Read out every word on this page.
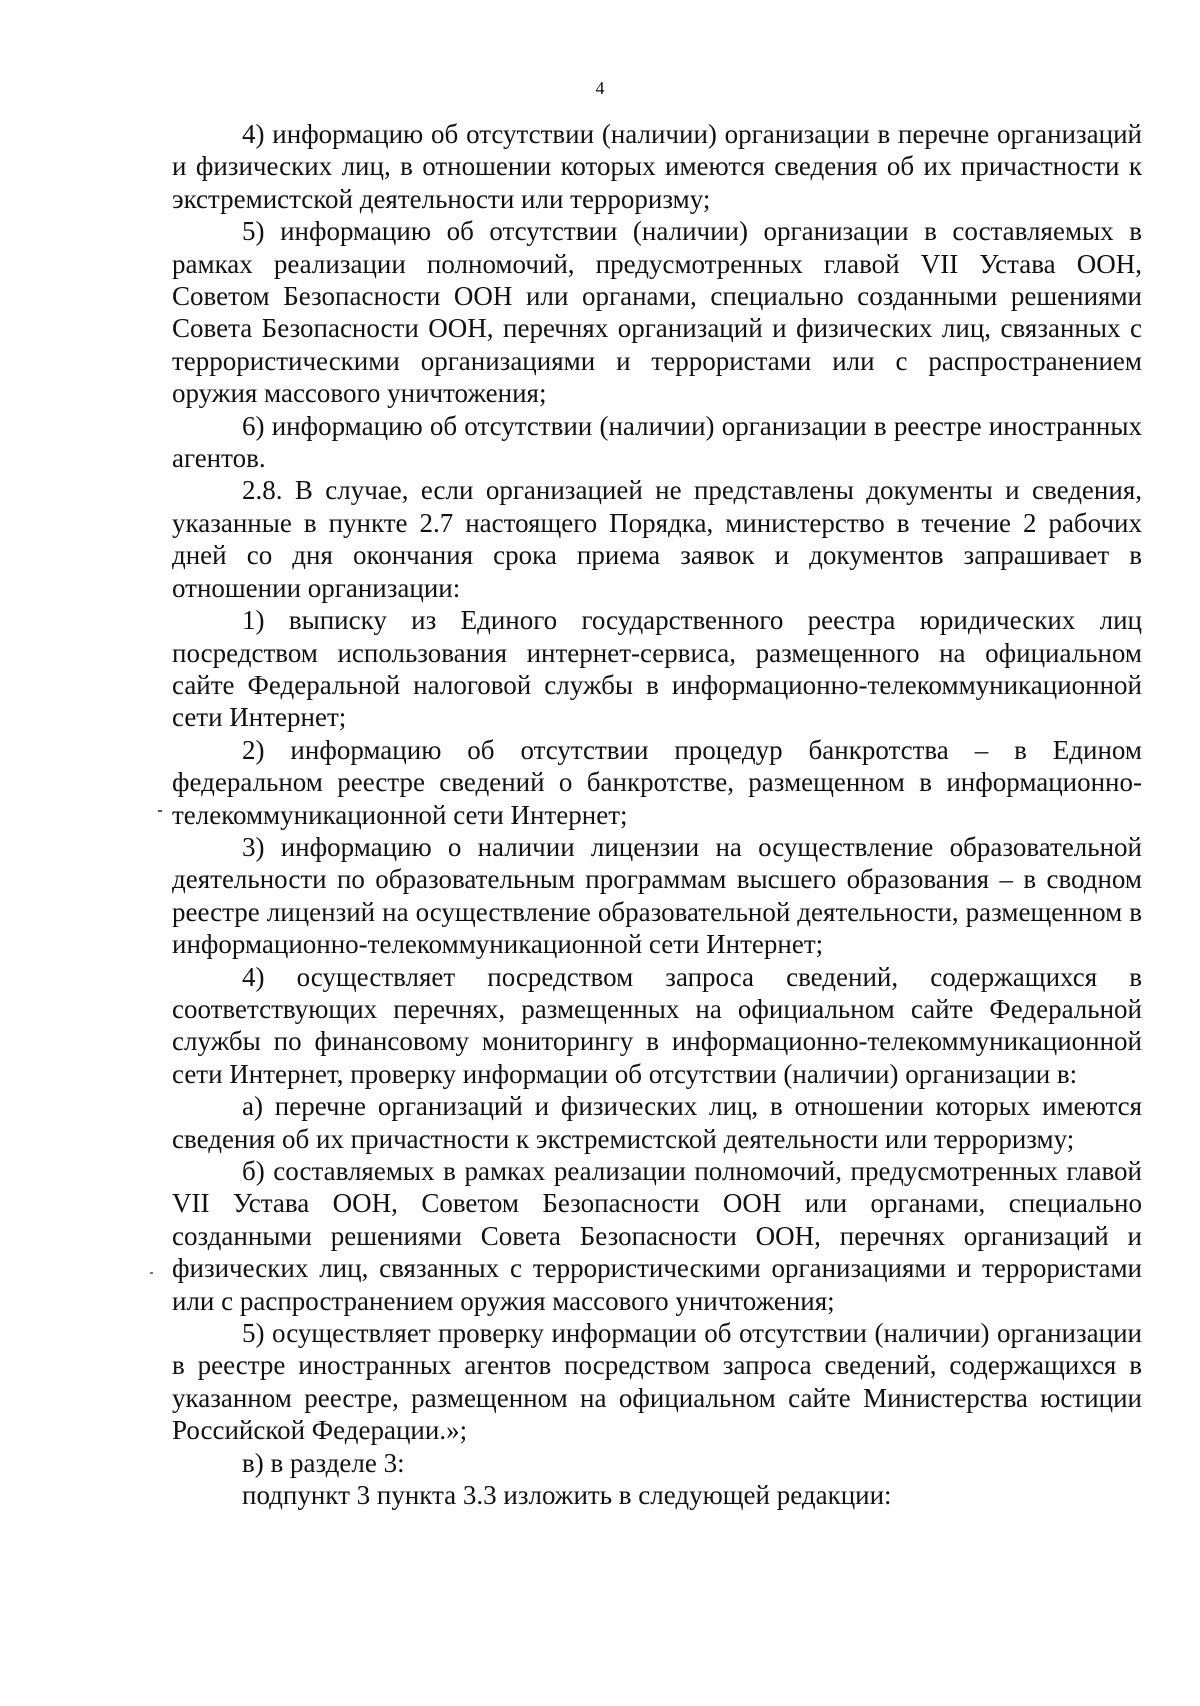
4

4) информацию об отсутствии (наличии) организации в перечне организаций и физических лиц, в отношении которых имеются сведения об их причастности к экстремистской деятельности или терроризму;

5) информацию об отсутствии (наличии) организации в составляемых в рамках реализации полномочий, предусмотренных главой VII Устава ООН, Советом Безопасности ООН или органами, специально созданными решениями Совета Безопасности ООН, перечнях организаций и физических лиц, связанных с террористическими организациями и террористами или с распространением оружия массового уничтожения;

6) информацию об отсутствии (наличии) организации в реестре иностранных агентов.

2.8. В случае, если организацией не представлены документы и сведения, указанные в пункте 2.7 настоящего Порядка, министерство в течение 2 рабочих дней со дня окончания срока приема заявок и документов запрашивает в отношении организации:

1) выписку из Единого государственного реестра юридических лиц посредством использования интернет-сервиса, размещенного на официальном сайте Федеральной налоговой службы в информационно-телекоммуникационной сети Интернет;

2) информацию об отсутствии процедур банкротства – в Едином федеральном реестре сведений о банкротстве, размещенном в информационно-телекоммуникационной сети Интернет;

3) информацию о наличии лицензии на осуществление образовательной деятельности по образовательным программам высшего образования – в сводном реестре лицензий на осуществление образовательной деятельности, размещенном в информационно-телекоммуникационной сети Интернет;

4) осуществляет посредством запроса сведений, содержащихся в соответствующих перечнях, размещенных на официальном сайте Федеральной службы по финансовому мониторингу в информационно-телекоммуникационной сети Интернет, проверку информации об отсутствии (наличии) организации в:

а) перечне организаций и физических лиц, в отношении которых имеются сведения об их причастности к экстремистской деятельности или терроризму;

б) составляемых в рамках реализации полномочий, предусмотренных главой VII Устава ООН, Советом Безопасности ООН или органами, специально созданными решениями Совета Безопасности ООН, перечнях организаций и физических лиц, связанных с террористическими организациями и террористами или с распространением оружия массового уничтожения;

5) осуществляет проверку информации об отсутствии (наличии) организации в реестре иностранных агентов посредством запроса сведений, содержащихся в указанном реестре, размещенном на официальном сайте Министерства юстиции Российской Федерации.»;

в) в разделе 3:

подпункт 3 пункта 3.3 изложить в следующей редакции:
